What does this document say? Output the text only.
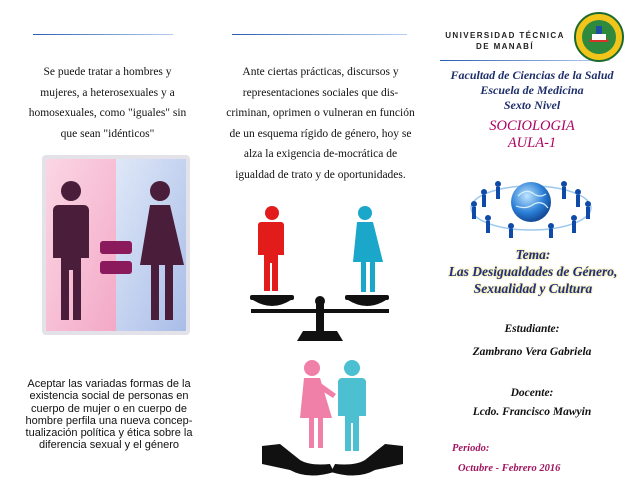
Se puede tratar a hombres y mujeres, a heterosexuales y a homosexuales, como "iguales" sin que sean "idénticos"

Aceptar las variadas formas de la existencia social de personas en cuerpo de mujer o en cuerpo de hombre perfila una nueva concep-tualización política y ética sobre la diferencia sexual y el género

Ante ciertas prácticas, discursos y representaciones sociales que dis-criminan, oprimen o vulneran en función de un esquema rígido de género, hoy se alza la exigencia de-mocrática de igualdad de trato y de oportunidades.

UNIVERSIDAD TÉCNICA DE MANABÍ
Facultad de Ciencias de la Salud
Escuela de Medicina
Sexto Nivel
SOCIOLOGIA
AULA-1
Tema:
Las Desigualdades de Género, Sexualidad y Cultura
Estudiante:
Zambrano Vera Gabriela
Docente:
Lcdo. Francisco Mawyin
Periodo:
Octubre - Febrero 2016
